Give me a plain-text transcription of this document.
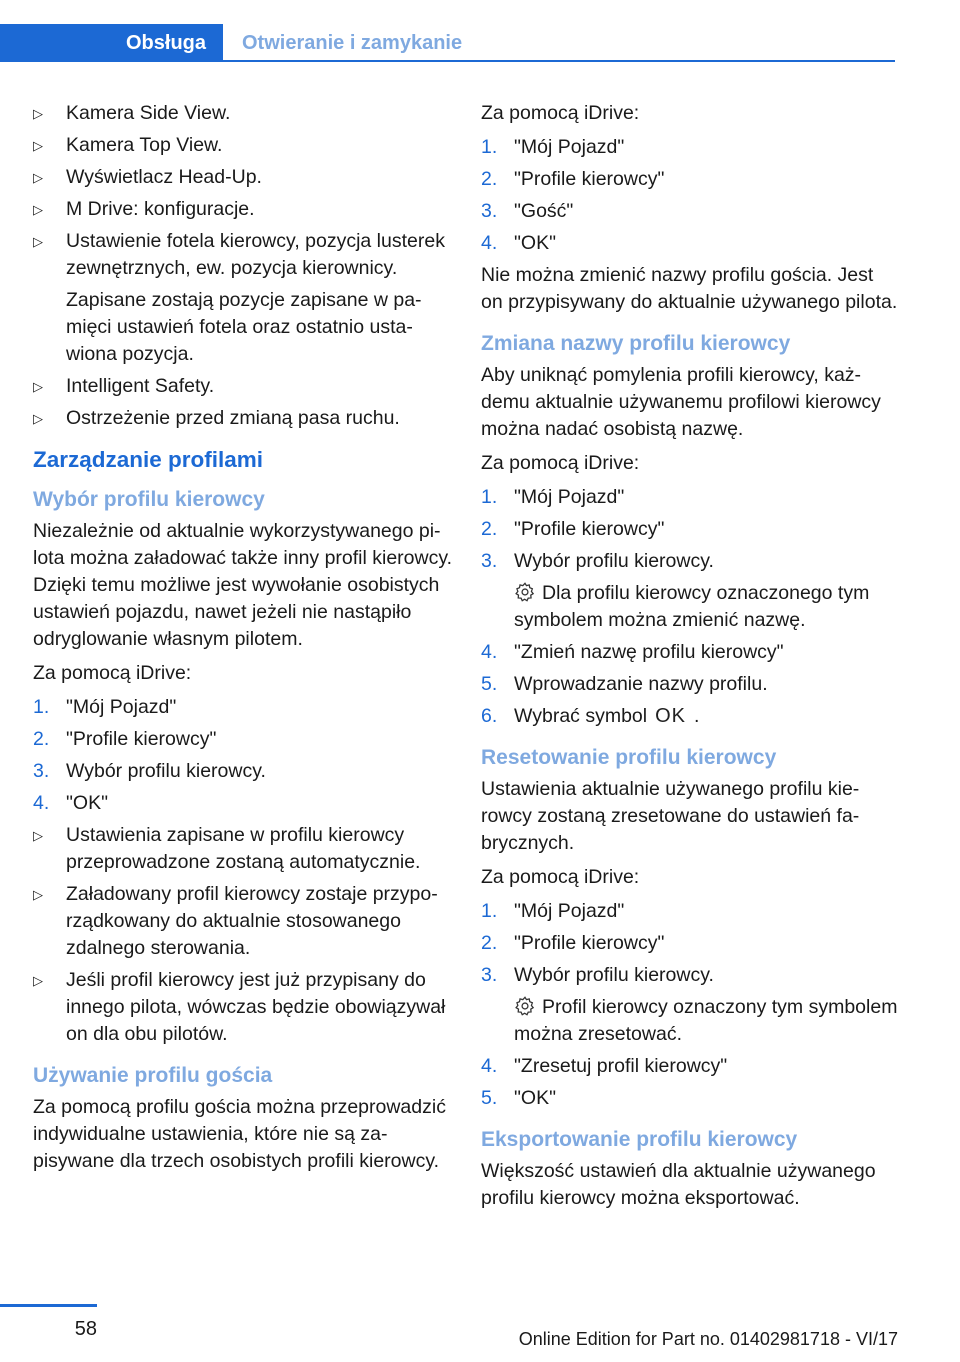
Obsługa	Otwieranie i zamykanie
▷ Kamera Side View.
▷ Kamera Top View.
▷ Wyświetlacz Head-Up.
▷ M Drive: konfiguracje.
▷ Ustawienie fotela kierowcy, pozycja lusterek zewnętrznych, ew. pozycja kierownicy.
Zapisane zostają pozycje zapisane w pamięci ustawień fotela oraz ostatnio ustawiona pozycja.
▷ Intelligent Safety.
▷ Ostrzeżenie przed zmianą pasa ruchu.
Zarządzanie profilami
Wybór profilu kierowcy

Niezależnie od aktualnie wykorzystywanego pilota można załadować także inny profil kierowcy. Dzięki temu możliwe jest wywołanie osobistych ustawień pojazdu, nawet jeżeli nie nastąpiło odryglowanie własnym pilotem.

Za pomocą iDrive:

1. "Mój Pojazd"
2. "Profile kierowcy"
3. Wybór profilu kierowcy.
4. "OK"
▷ Ustawienia zapisane w profilu kierowcy przeprowadzone zostaną automatycznie.
▷ Załadowany profil kierowcy zostaje przyporządkowany do aktualnie stosowanego zdalnego sterowania.
▷ Jeśli profil kierowcy jest już przypisany do innego pilota, wówczas będzie obowiązywał on dla obu pilotów.
Używanie profilu gościa

Za pomocą profilu gościa można przeprowadzić indywidualne ustawienia, które nie są zapisywane dla trzech osobistych profili kierowcy.

Za pomocą iDrive:

1. "Mój Pojazd"
2. "Profile kierowcy"
3. "Gość"
4. "OK"

Nie można zmienić nazwy profilu gościa. Jest on przypisywany do aktualnie używanego pilota.

Zmiana nazwy profilu kierowcy

Aby uniknąć pomylenia profili kierowcy, każdemu aktualnie używanemu profilowi kierowcy można nadać osobistą nazwę.

Za pomocą iDrive:

1. "Mój Pojazd"
2. "Profile kierowcy"
3. Wybór profilu kierowcy.
Dla profilu kierowcy oznaczonego tym symbolem można zmienić nazwę.
4. "Zmień nazwę profilu kierowcy"
5. Wprowadzanie nazwy profilu.
6. Wybrać symbol OK .
Resetowanie profilu kierowcy

Ustawienia aktualnie używanego profilu kierowcy zostaną zresetowane do ustawień fabrycznych.

Za pomocą iDrive:

1. "Mój Pojazd"
2. "Profile kierowcy"
3. Wybór profilu kierowcy.
Profil kierowcy oznaczony tym symbolem można zresetować.
4. "Zresetuj profil kierowcy"
5. "OK"
Eksportowanie profilu kierowcy

Większość ustawień dla aktualnie używanego profilu kierowcy można eksportować.

58	Online Edition for Part no. 01402981718 - VI/17
